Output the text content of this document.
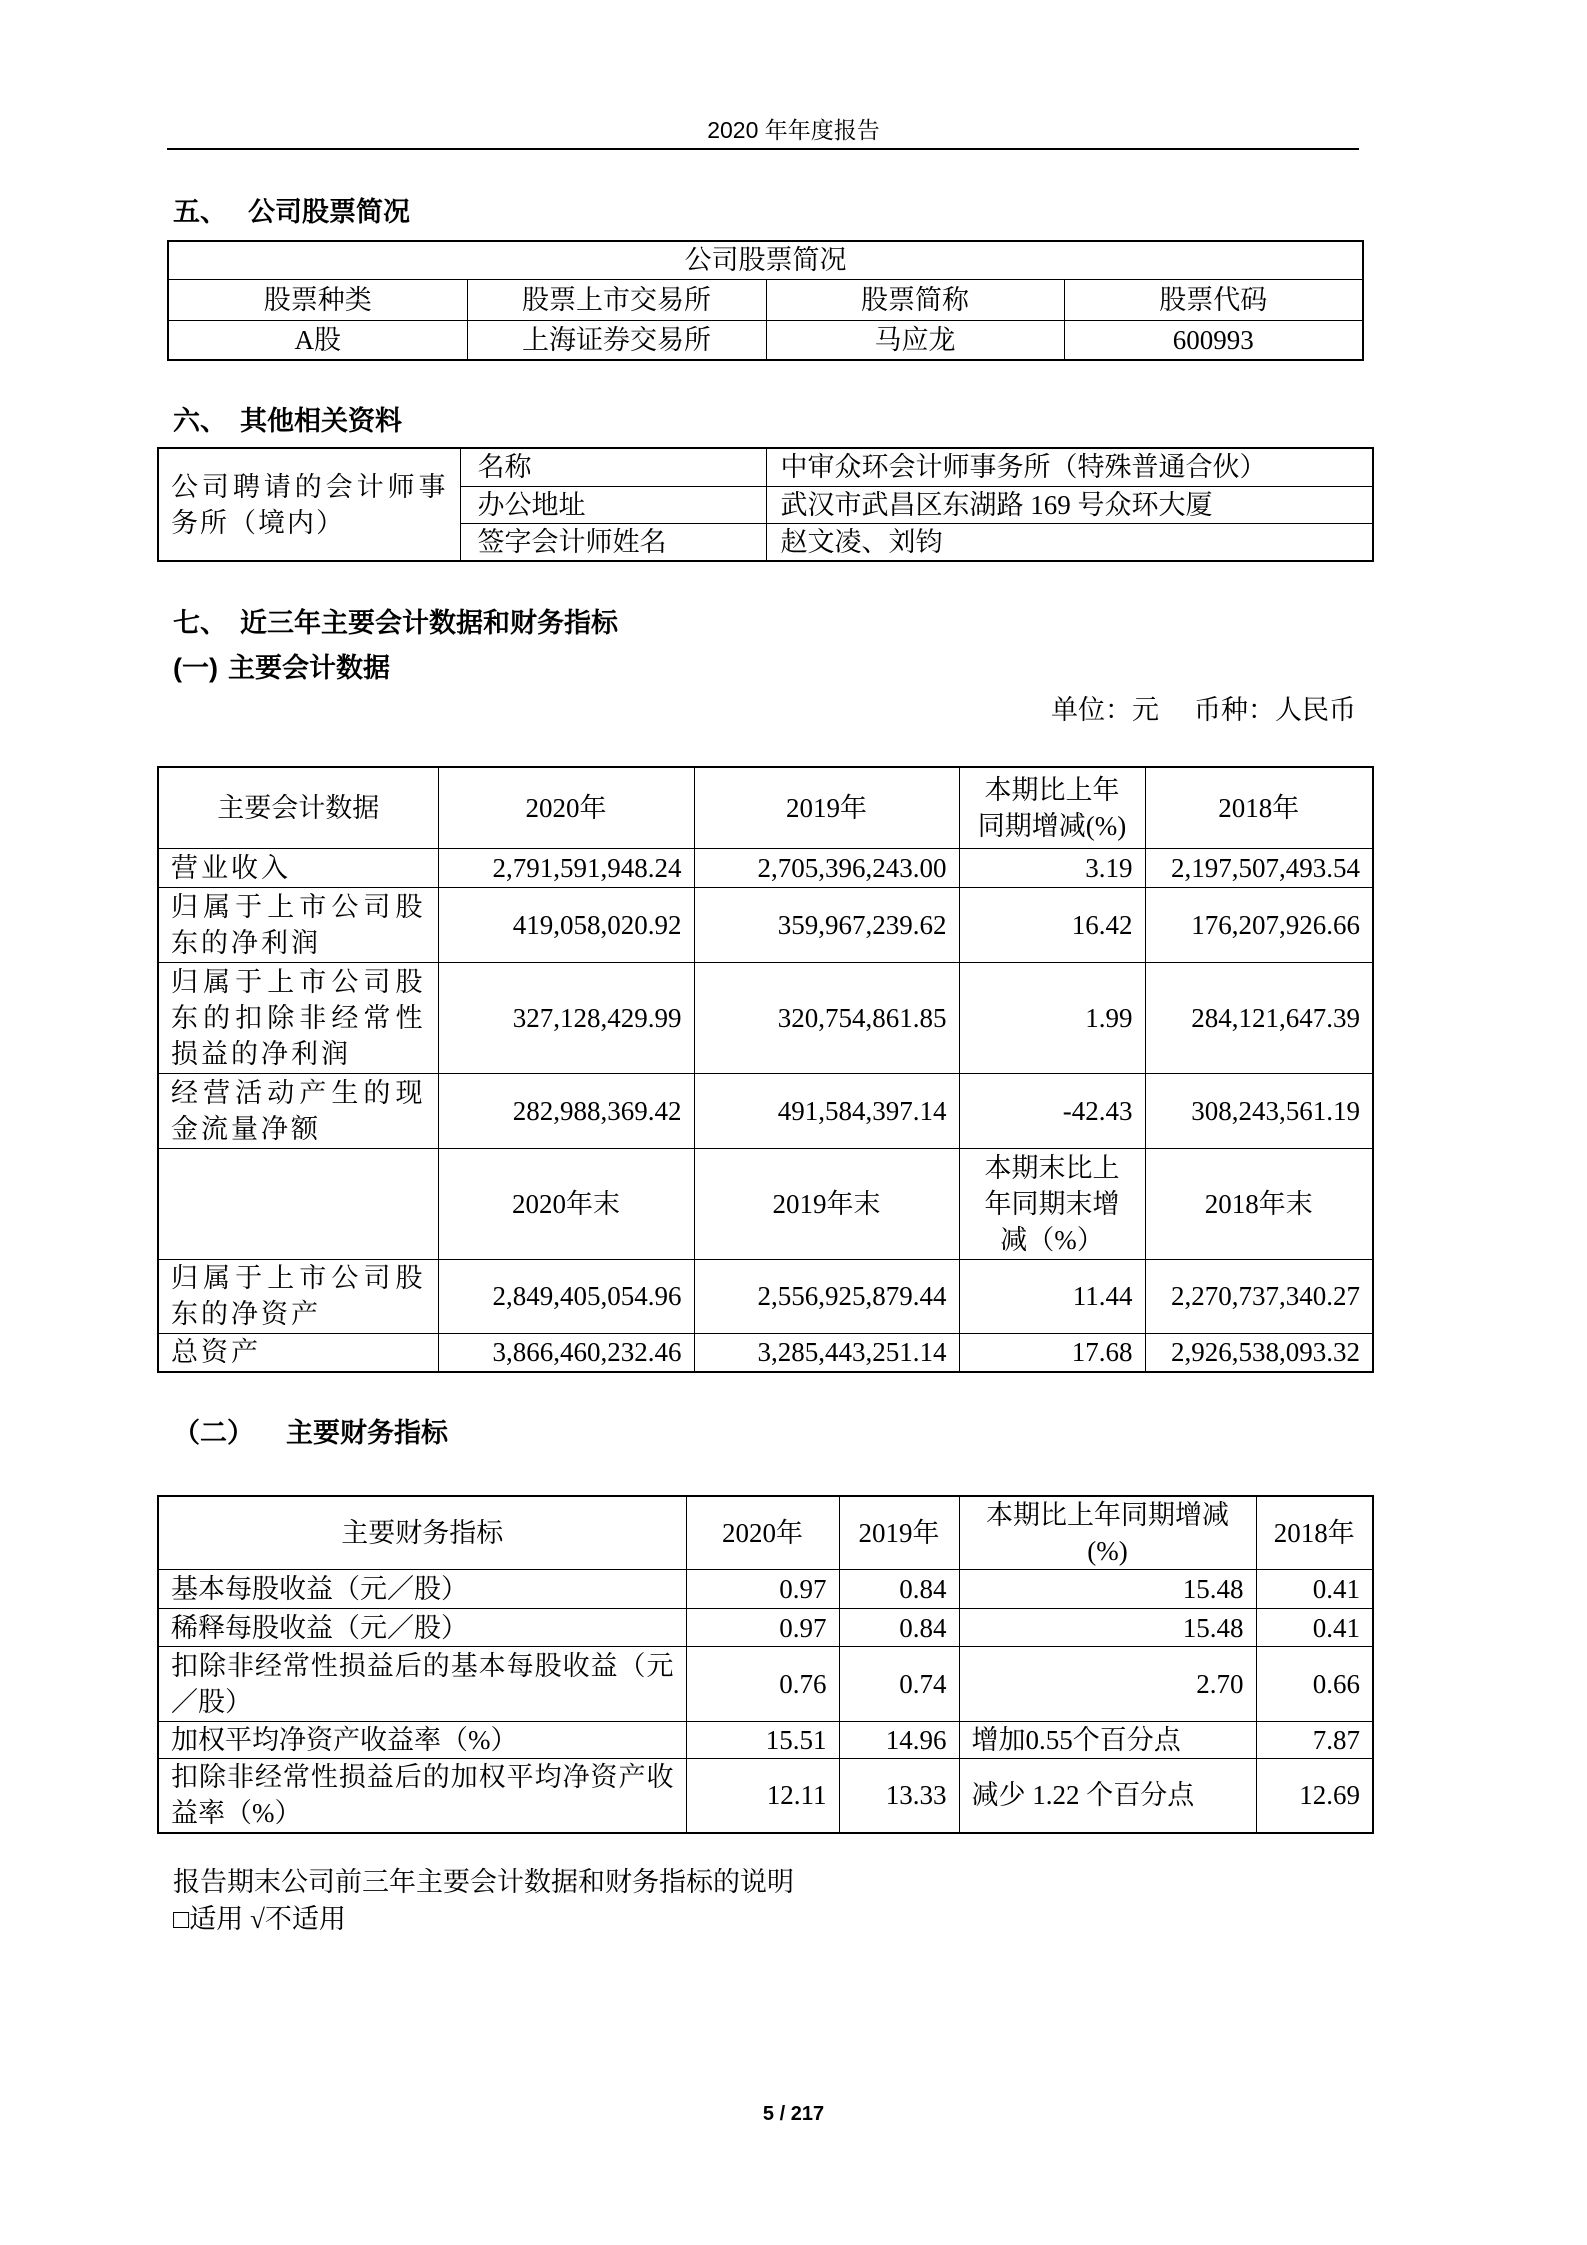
2020 年年度报告
五、 公司股票简况
公司股票简况			
股票种类	股票上市交易所	股票简称	股票代码
A股	上海证券交易所	马应龙	600993
六、 其他相关资料
公司聘请的会计师事务所（境内）	名称	中审众环会计师事务所（特殊普通合伙）
	办公地址	武汉市武昌区东湖路 169 号众环大厦
	签字会计师姓名	赵文凌、刘钧
七、 近三年主要会计数据和财务指标
(一) 主要会计数据
单位：元 币种：人民币
主要会计数据	2020年	2019年	本期比上年同期增减(%)	2018年
营业收入	2,791,591,948.24	2,705,396,243.00	3.19	2,197,507,493.54
归属于上市公司股东的净利润	419,058,020.92	359,967,239.62	16.42	176,207,926.66
归属于上市公司股东的扣除非经常性损益的净利润	327,128,429.99	320,754,861.85	1.99	284,121,647.39
经营活动产生的现金流量净额	282,988,369.42	491,584,397.14	-42.43	308,243,561.19
	2020年末	2019年末	本期末比上年同期末增减（%）	2018年末
归属于上市公司股东的净资产	2,849,405,054.96	2,556,925,879.44	11.44	2,270,737,340.27
总资产	3,866,460,232.46	3,285,443,251.14	17.68	2,926,538,093.32
（二） 主要财务指标
主要财务指标	2020年	2019年	本期比上年同期增减(%)	2018年
基本每股收益（元／股）	0.97	0.84	15.48	0.41
稀释每股收益（元／股）	0.97	0.84	15.48	0.41
扣除非经常性损益后的基本每股收益（元／股）	0.76	0.74	2.70	0.66
加权平均净资产收益率（%）	15.51	14.96	增加0.55个百分点	7.87
扣除非经常性损益后的加权平均净资产收益率（%）	12.11	13.33	减少 1.22 个百分点	12.69
报告期末公司前三年主要会计数据和财务指标的说明
□适用 √不适用
5 / 217
